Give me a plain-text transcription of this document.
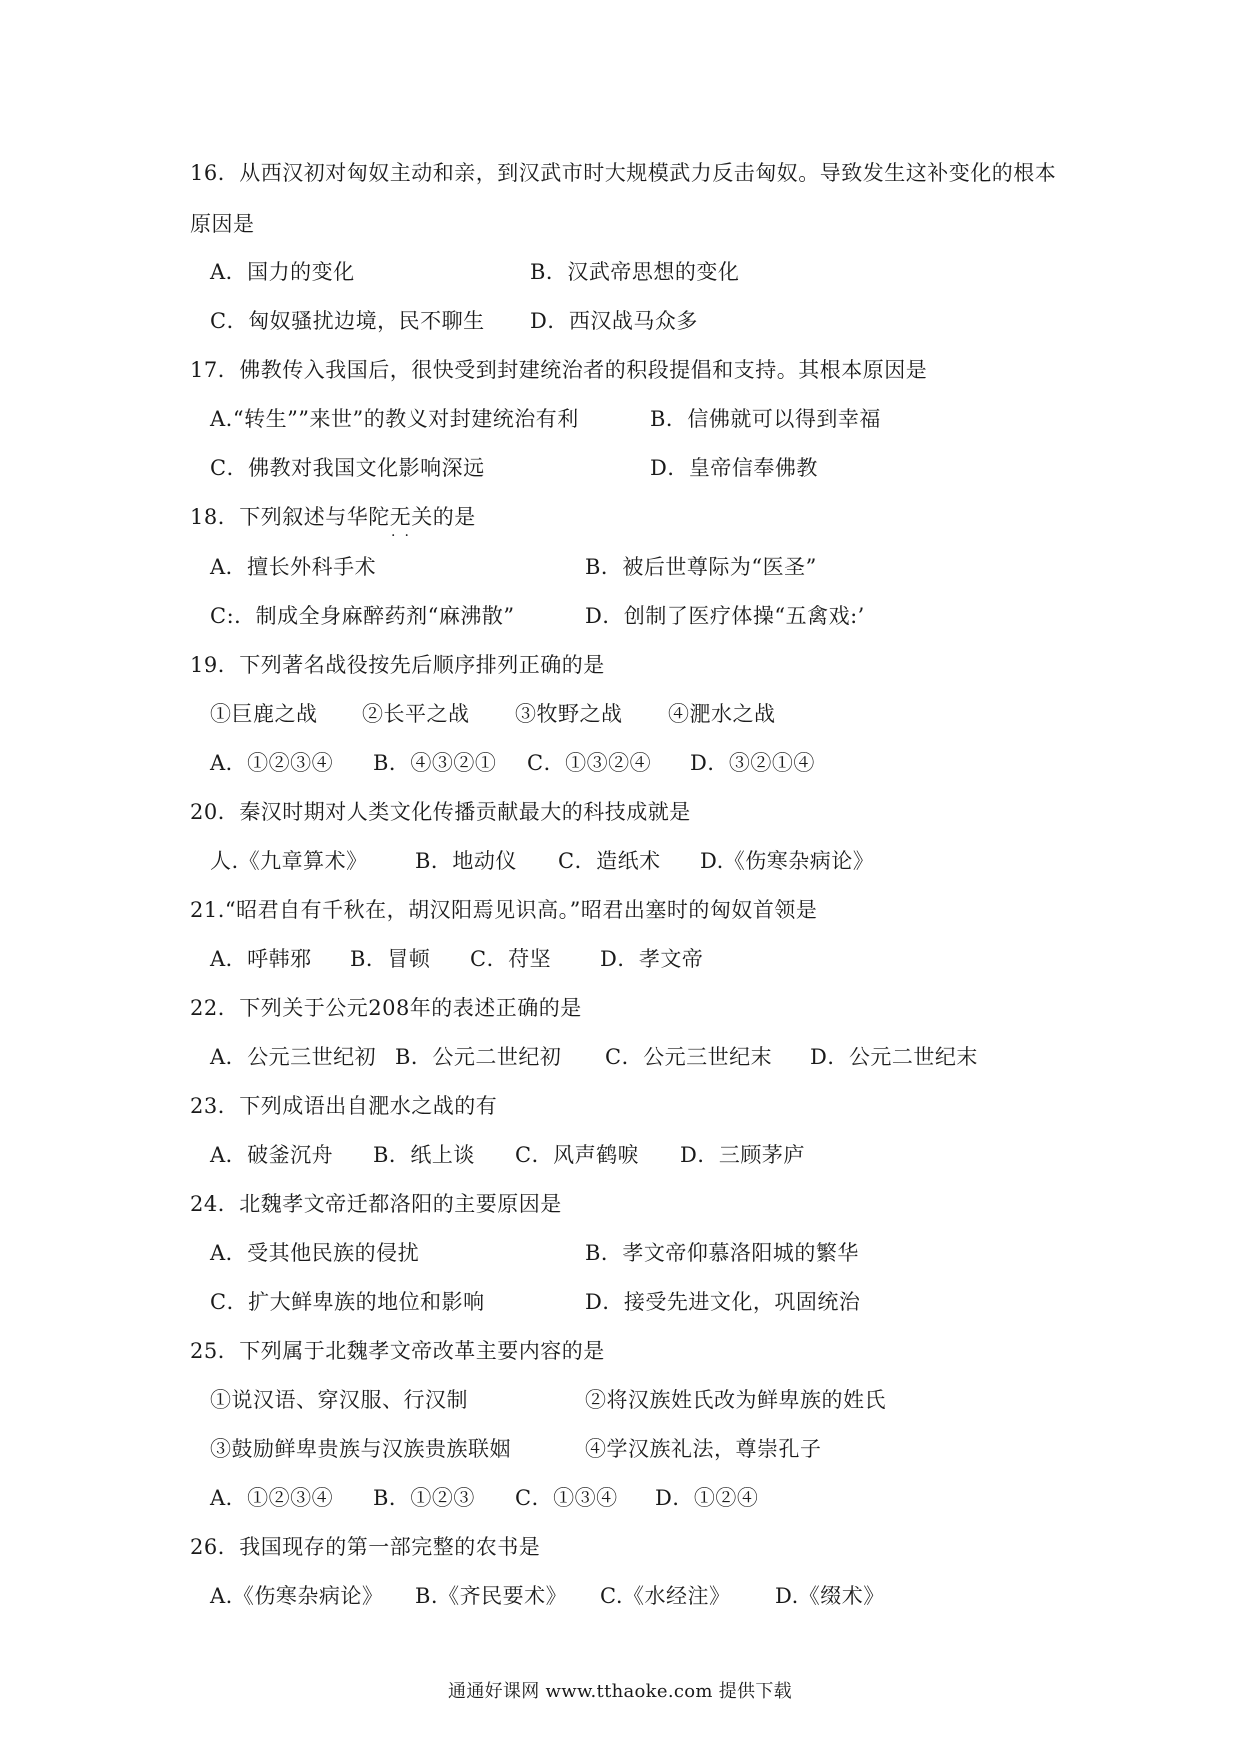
16．从西汉初对匈奴主动和亲，到汉武市时大规模武力反击匈奴。导致发生这补变化的根本
原因是
A．国力的变化	B．汉武帝思想的变化
C．匈奴骚扰边境，民不聊生 D．西汉战马众多
17．佛教传入我国后，很快受到封建统治者的积段提倡和支持。其根本原因是
A.“转生””来世”的教义对封建统治有利	B．信佛就可以得到幸福
C．佛教对我国文化影响深远	D．皇帝信奉佛教
18．下列叙述与华陀无关的是
··
A．擅长外科手术	B．被后世尊际为“医圣”
C:．制成全身麻醉药剂“麻沸散”	D．创制了医疗体操“五禽戏:’
19．下列著名战役按先后顺序排列正确的是
①巨鹿之战 ②长平之战 ③牧野之战 ④淝水之战
A．①②③④ B．④③②① C．①③②④ D．③②①④
20．秦汉时期对人类文化传播贡献最大的科技成就是
人.《九章算术》 B．地动仪 C．造纸术 D.《伤寒杂病论》
21.“昭君自有千秋在，胡汉阳焉见识高。”昭君出塞时的匈奴首领是
A．呼韩邪 B．冒顿 C．苻坚 D．孝文帝
22．下列关于公元208年的表述正确的是
A．公元三世纪初 B．公元二世纪初 C．公元三世纪末 D．公元二世纪末
23．下列成语出自淝水之战的有
A．破釜沉舟 B．纸上谈 C．风声鹤唳 D．三顾茅庐
24．北魏孝文帝迁都洛阳的主要原因是
A．受其他民族的侵扰	B．孝文帝仰慕洛阳城的繁华
C．扩大鲜卑族的地位和影响	D．接受先进文化，巩固统治
25．下列属于北魏孝文帝改革主要内容的是
①说汉语、穿汉服、行汉制	②将汉族姓氏改为鲜卑族的姓氏
③鼓励鲜卑贵族与汉族贵族联姻	④学汉族礼法，尊崇孔子
A．①②③④ B．①②③ C．①③④ D．①②④
26．我国现存的第一部完整的农书是
A.《伤寒杂病论》 B.《齐民要术》 C.《水经注》 D.《缀术》
通通好课网 www.tthaoke.com 提供下载
